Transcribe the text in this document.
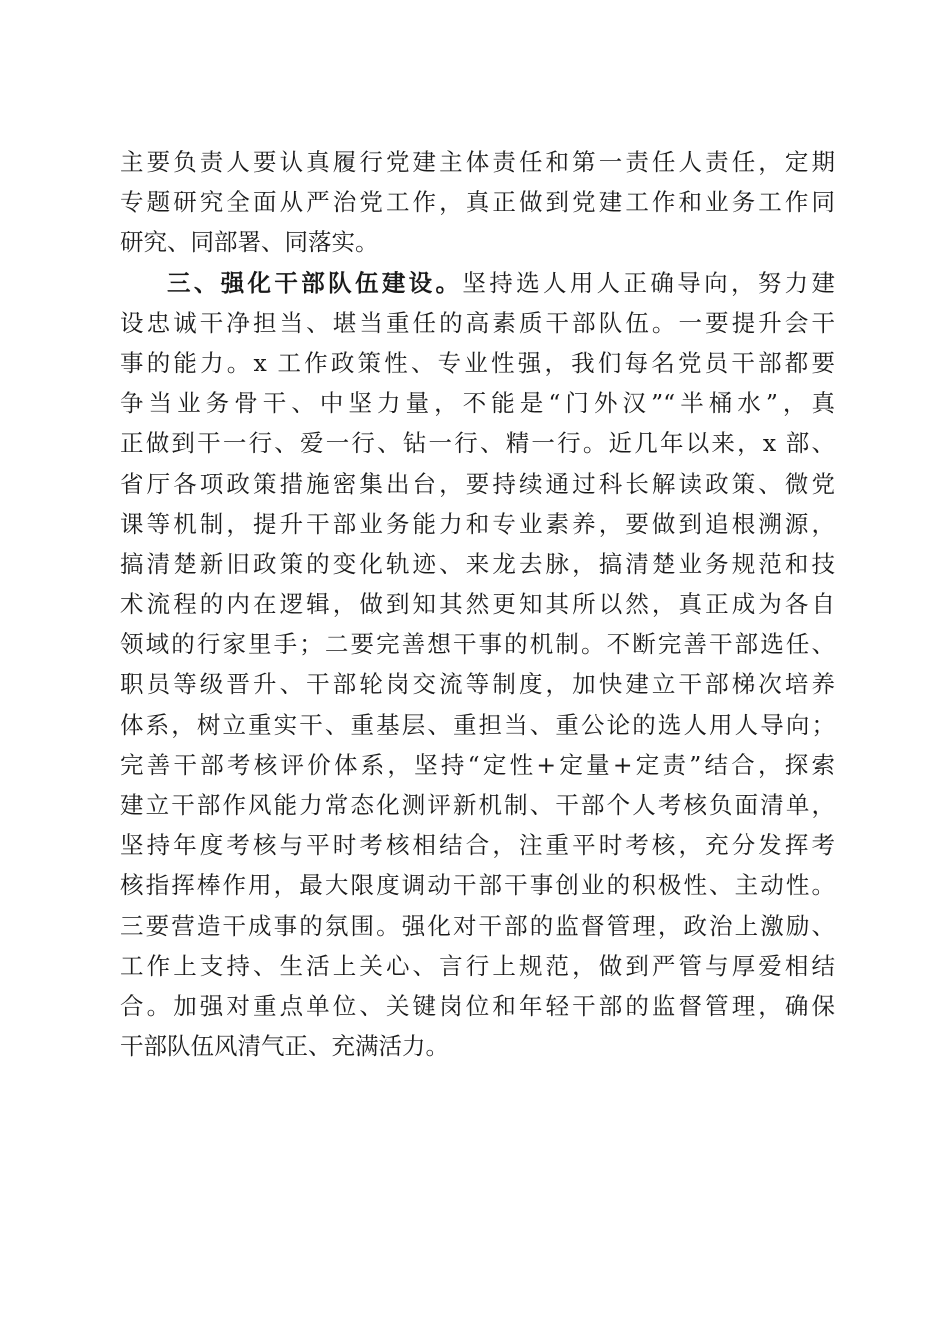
主要负责人要认真履行党建主体责任和第一责任人责任，定期
专题研究全面从严治党工作，真正做到党建工作和业务工作同
研究、同部署、同落实。
三、强化干部队伍建设。坚持选人用人正确导向，努力建
设忠诚干净担当、堪当重任的高素质干部队伍。一要提升会干
事的能力。x 工作政策性、专业性强，我们每名党员干部都要
争当业务骨干、中坚力量，不能是“门外汉”“半桶水”，真
正做到干一行、爱一行、钻一行、精一行。近几年以来，x 部、
省厅各项政策措施密集出台，要持续通过科长解读政策、微党
课等机制，提升干部业务能力和专业素养，要做到追根溯源，
搞清楚新旧政策的变化轨迹、来龙去脉，搞清楚业务规范和技
术流程的内在逻辑，做到知其然更知其所以然，真正成为各自
领域的行家里手；二要完善想干事的机制。不断完善干部选任、
职员等级晋升、干部轮岗交流等制度，加快建立干部梯次培养
体系，树立重实干、重基层、重担当、重公论的选人用人导向；
完善干部考核评价体系，坚持“定性+定量+定责”结合，探索
建立干部作风能力常态化测评新机制、干部个人考核负面清单，
坚持年度考核与平时考核相结合，注重平时考核，充分发挥考
核指挥棒作用，最大限度调动干部干事创业的积极性、主动性。
三要营造干成事的氛围。强化对干部的监督管理，政治上激励、
工作上支持、生活上关心、言行上规范，做到严管与厚爱相结
合。加强对重点单位、关键岗位和年轻干部的监督管理，确保
干部队伍风清气正、充满活力。
